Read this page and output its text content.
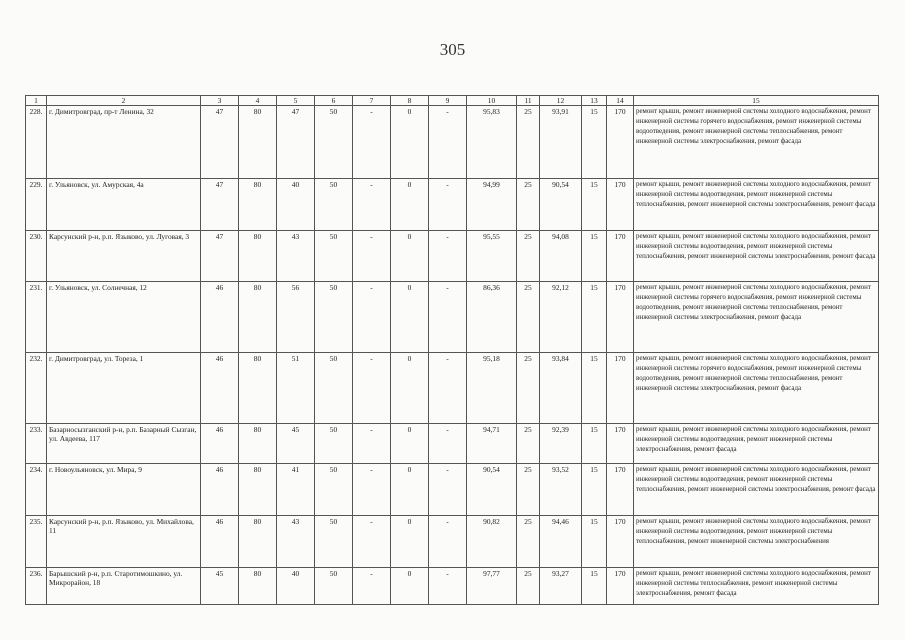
305
1	2	3	4	5	6	7	8	9	10	11	12	13	14	15
228.	г. Димитровград, пр-т Ленина, 32	47	80	47	50	-	0	-	95,83	25	93,91	15	170	ремонт крыши, ремонт инженерной системы холодного водоснабжения, ремонт инженерной системы горячего водоснабжения, ремонт инженерной системы водоотведения, ремонт инженерной системы теплоснабжения, ремонт инженерной системы электроснабжения, ремонт фасада
229.	г. Ульяновск, ул. Амурская, 4а	47	80	40	50	-	0	-	94,99	25	90,54	15	170	ремонт крыши, ремонт инженерной системы холодного водоснабжения, ремонт инженерной системы водоотведения, ремонт инженерной системы теплоснабжения, ремонт инженерной системы электроснабжения, ремонт фасада
230.	Карсунский р-н, р.п. Языково, ул. Луговая, 3	47	80	43	50	-	0	-	95,55	25	94,08	15	170	ремонт крыши, ремонт инженерной системы холодного водоснабжения, ремонт инженерной системы водоотведения, ремонт инженерной системы теплоснабжения, ремонт инженерной системы электроснабжения, ремонт фасада
231.	г. Ульяновск, ул. Солнечная, 12	46	80	56	50	-	0	-	86,36	25	92,12	15	170	ремонт крыши, ремонт инженерной системы холодного водоснабжения, ремонт инженерной системы горячего водоснабжения, ремонт инженерной системы водоотведения, ремонт инженерной системы теплоснабжения, ремонт инженерной системы электроснабжения, ремонт фасада
232.	г. Димитровград, ул. Тореза, 1	46	80	51	50	-	0	-	95,18	25	93,84	15	170	ремонт крыши, ремонт инженерной системы холодного водоснабжения, ремонт инженерной системы горячего водоснабжения, ремонт инженерной системы водоотведения, ремонт инженерной системы теплоснабжения, ремонт инженерной системы электроснабжения, ремонт фасада
233.	Базарносызганский р-н, р.п. Базарный Сызган, ул. Авдеева, 117	46	80	45	50	-	0	-	94,71	25	92,39	15	170	ремонт крыши, ремонт инженерной системы холодного водоснабжения, ремонт инженерной системы водоотведения, ремонт инженерной системы электроснабжения, ремонт фасада
234.	г. Новоульяновск, ул. Мира, 9	46	80	41	50	-	0	-	90,54	25	93,52	15	170	ремонт крыши, ремонт инженерной системы холодного водоснабжения, ремонт инженерной системы водоотведения, ремонт инженерной системы теплоснабжения, ремонт инженерной системы электроснабжения, ремонт фасада
235.	Карсунский р-н, р.п. Языково, ул. Михайлова, 11	46	80	43	50	-	0	-	90,82	25	94,46	15	170	ремонт крыши, ремонт инженерной системы холодного водоснабжения, ремонт инженерной системы водоотведения, ремонт инженерной системы теплоснабжения, ремонт инженерной системы электроснабжения
236.	Барышский р-н, р.п. Старотимошкино, ул. Микрорайон, 18	45	80	40	50	-	0	-	97,77	25	93,27	15	170	ремонт крыши, ремонт инженерной системы холодного водоснабжения, ремонт инженерной системы теплоснабжения, ремонт инженерной системы электроснабжения, ремонт фасада
